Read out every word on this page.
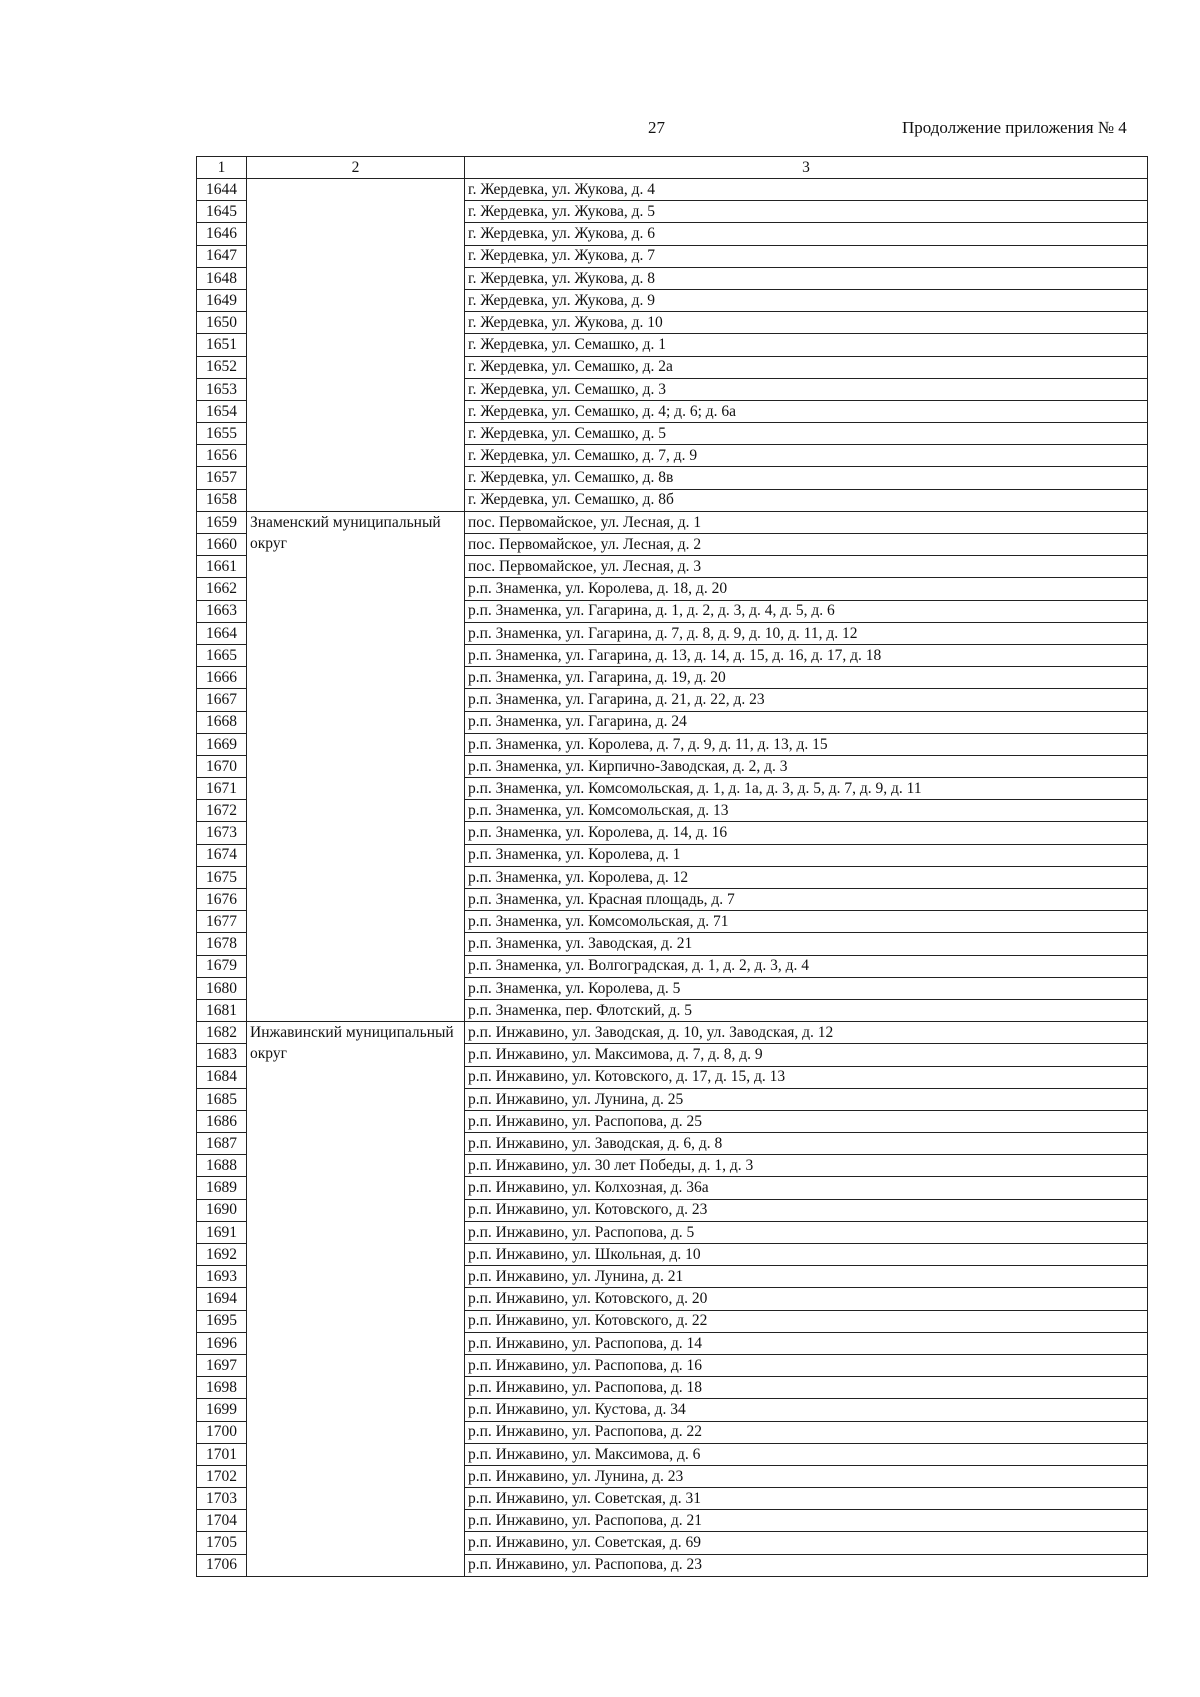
27	Продолжение приложения № 4
1	2	3
1644		г. Жердевка, ул. Жукова, д. 4
1645		г. Жердевка, ул. Жукова, д. 5
1646		г. Жердевка, ул. Жукова, д. 6
1647		г. Жердевка, ул. Жукова, д. 7
1648		г. Жердевка, ул. Жукова, д. 8
1649		г. Жердевка, ул. Жукова, д. 9
1650		г. Жердевка, ул. Жукова, д. 10
1651		г. Жердевка, ул. Семашко, д. 1
1652		г. Жердевка, ул. Семашко, д. 2а
1653		г. Жердевка, ул. Семашко, д. 3
1654		г. Жердевка, ул. Семашко, д. 4; д. 6; д. 6а
1655		г. Жердевка, ул. Семашко, д. 5
1656		г. Жердевка, ул. Семашко, д. 7, д. 9
1657		г. Жердевка, ул. Семашко, д. 8в
1658		г. Жердевка, ул. Семашко, д. 8б
1659	Знаменский муниципальный округ	пос. Первомайское, ул. Лесная, д. 1
1660		пос. Первомайское, ул. Лесная, д. 2
1661		пос. Первомайское, ул. Лесная, д. 3
1662		р.п. Знаменка, ул. Королева, д. 18, д. 20
1663		р.п. Знаменка, ул. Гагарина, д. 1, д. 2, д. 3, д. 4, д. 5, д. 6
1664		р.п. Знаменка, ул. Гагарина, д. 7, д. 8, д. 9, д. 10, д. 11, д. 12
1665		р.п. Знаменка, ул. Гагарина, д. 13, д. 14, д. 15, д. 16, д. 17, д. 18
1666		р.п. Знаменка, ул. Гагарина, д. 19, д. 20
1667		р.п. Знаменка, ул. Гагарина, д. 21, д. 22, д. 23
1668		р.п. Знаменка, ул. Гагарина, д. 24
1669		р.п. Знаменка, ул. Королева, д. 7, д. 9, д. 11, д. 13, д. 15
1670		р.п. Знаменка, ул. Кирпично-Заводская, д. 2, д. 3
1671		р.п. Знаменка, ул. Комсомольская, д. 1, д. 1а, д. 3, д. 5, д. 7, д. 9, д. 11
1672		р.п. Знаменка, ул. Комсомольская, д. 13
1673		р.п. Знаменка, ул. Королева, д. 14, д. 16
1674		р.п. Знаменка, ул. Королева, д. 1
1675		р.п. Знаменка, ул. Королева, д. 12
1676		р.п. Знаменка, ул. Красная площадь, д. 7
1677		р.п. Знаменка, ул. Комсомольская, д. 71
1678		р.п. Знаменка, ул. Заводская, д. 21
1679		р.п. Знаменка, ул. Волгоградская, д. 1, д. 2, д. 3, д. 4
1680		р.п. Знаменка, ул. Королева, д. 5
1681		р.п. Знаменка, пер. Флотский, д. 5
1682	Инжавинский муниципальный округ	р.п. Инжавино, ул. Заводская, д. 10, ул. Заводская, д. 12
1683		р.п. Инжавино, ул. Максимова, д. 7, д. 8, д. 9
1684		р.п. Инжавино, ул. Котовского, д. 17, д. 15, д. 13
1685		р.п. Инжавино, ул. Лунина, д. 25
1686		р.п. Инжавино, ул. Распопова, д. 25
1687		р.п. Инжавино, ул. Заводская, д. 6, д. 8
1688		р.п. Инжавино, ул. 30 лет Победы, д. 1, д. 3
1689		р.п. Инжавино, ул. Колхозная, д. 36а
1690		р.п. Инжавино, ул. Котовского, д. 23
1691		р.п. Инжавино, ул. Распопова, д. 5
1692		р.п. Инжавино, ул. Школьная, д. 10
1693		р.п. Инжавино, ул. Лунина, д. 21
1694		р.п. Инжавино, ул. Котовского, д. 20
1695		р.п. Инжавино, ул. Котовского, д. 22
1696		р.п. Инжавино, ул. Распопова, д. 14
1697		р.п. Инжавино, ул. Распопова, д. 16
1698		р.п. Инжавино, ул. Распопова, д. 18
1699		р.п. Инжавино, ул. Кустова, д. 34
1700		р.п. Инжавино, ул. Распопова, д. 22
1701		р.п. Инжавино, ул. Максимова, д. 6
1702		р.п. Инжавино, ул. Лунина, д. 23
1703		р.п. Инжавино, ул. Советская, д. 31
1704		р.п. Инжавино, ул. Распопова, д. 21
1705		р.п. Инжавино, ул. Советская, д. 69
1706		р.п. Инжавино, ул. Распопова, д. 23
